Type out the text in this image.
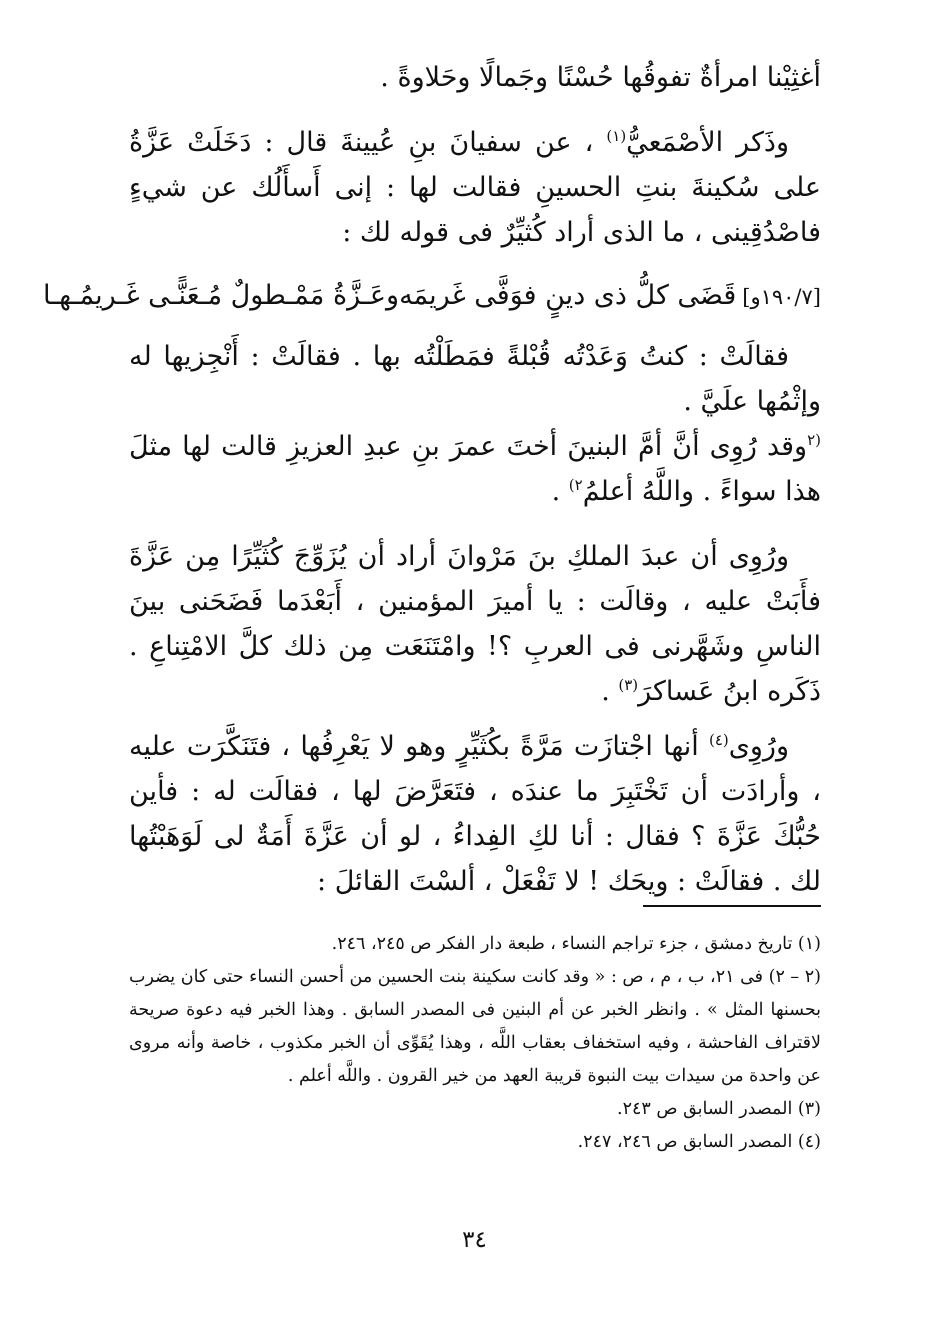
أغثِيْنا امرأةٌ تفوقُها حُسْنًا وجَمالًا وحَلاوةً .

وذَكر الأصْمَعيُّ$^{(١)}$ ، عن سفيانَ بنِ عُيينةَ قال : دَخَلَتْ عَزَّةُ على سُكينةَ بنتِ الحسينِ فقالت لها : إنى أَسأَلُك عن شيءٍ فاصْدُقِينى ، ما الذى أراد كُثيِّرٌ فى قوله لك :

[١٩٠/٧و]قَضَى كلُّ ذى دينٍ فوَفَّى غَريمَه
وعَـزَّةُ مَمْـطولٌ مُـعَنًّـى غَـريمُـهـا

فقالَتْ : كنتُ وَعَدْتُه قُبْلةً فمَطَلْتُه بها . فقالَتْ : أَنْجِزيها له وإثْمُها علَيَّ .
$^{(٢}$وقد رُوِى أنَّ أمَّ البنينَ أختَ عمرَ بنِ عبدِ العزيزِ قالت لها مثلَ هذا سواءً . واللَّهُ أعلمُ$^{٢)}$ .

ورُوِى أن عبدَ الملكِ بنَ مَرْوانَ أراد أن يُزَوِّجَ كُثَيِّرًا مِن عَزَّةَ فأَبَتْ عليه ، وقالَت : يا أميرَ المؤمنين ، أَبَعْدَما فَضَحَنى بينَ الناسِ وشَهَّرنى فى العربِ ؟! وامْتَنَعَت مِن ذلك كلَّ الامْتِناعِ . ذَكَره ابنُ عَساكرَ$^{(٣)}$ .

ورُوِى$^{(٤)}$ أنها اجْتازَت مَرَّةً بكُثَيِّرٍ وهو لا يَعْرِفُها ، فتَنَكَّرَت عليه ، وأرادَت أن تَخْتَبِرَ ما عندَه ، فتَعَرَّضَ لها ، فقالَت له : فأين حُبُّكَ عَزَّةَ ؟ فقال : أنا لكِ الفِداءُ ، لو أن عَزَّةَ أَمَةٌ لى لَوَهَبْتُها لك . فقالَتْ : ويحَك ! لا تَفْعَلْ ، ألسْتَ القائلَ :

(١) تاريخ دمشق ، جزء تراجم النساء ، طبعة دار الفكر ص ٢٤٥، ٢٤٦.

(٢ – ٢) فى ٢١، ب ، م ، ص : « وقد كانت سكينة بنت الحسين من أحسن النساء حتى كان يضرب بحسنها المثل » . وانظر الخبر عن أم البنين فى المصدر السابق . وهذا الخبر فيه دعوة صريحة لاقتراف الفاحشة ، وفيه استخفاف بعقاب اللَّه ، وهذا يُقَوِّى أن الخبر مكذوب ، خاصة وأنه مروى عن واحدة من سيدات بيت النبوة قريبة العهد من خير القرون . واللَّه أعلم .

(٣) المصدر السابق ص ٢٤٣.

(٤) المصدر السابق ص ٢٤٦، ٢٤٧.

٣٤
